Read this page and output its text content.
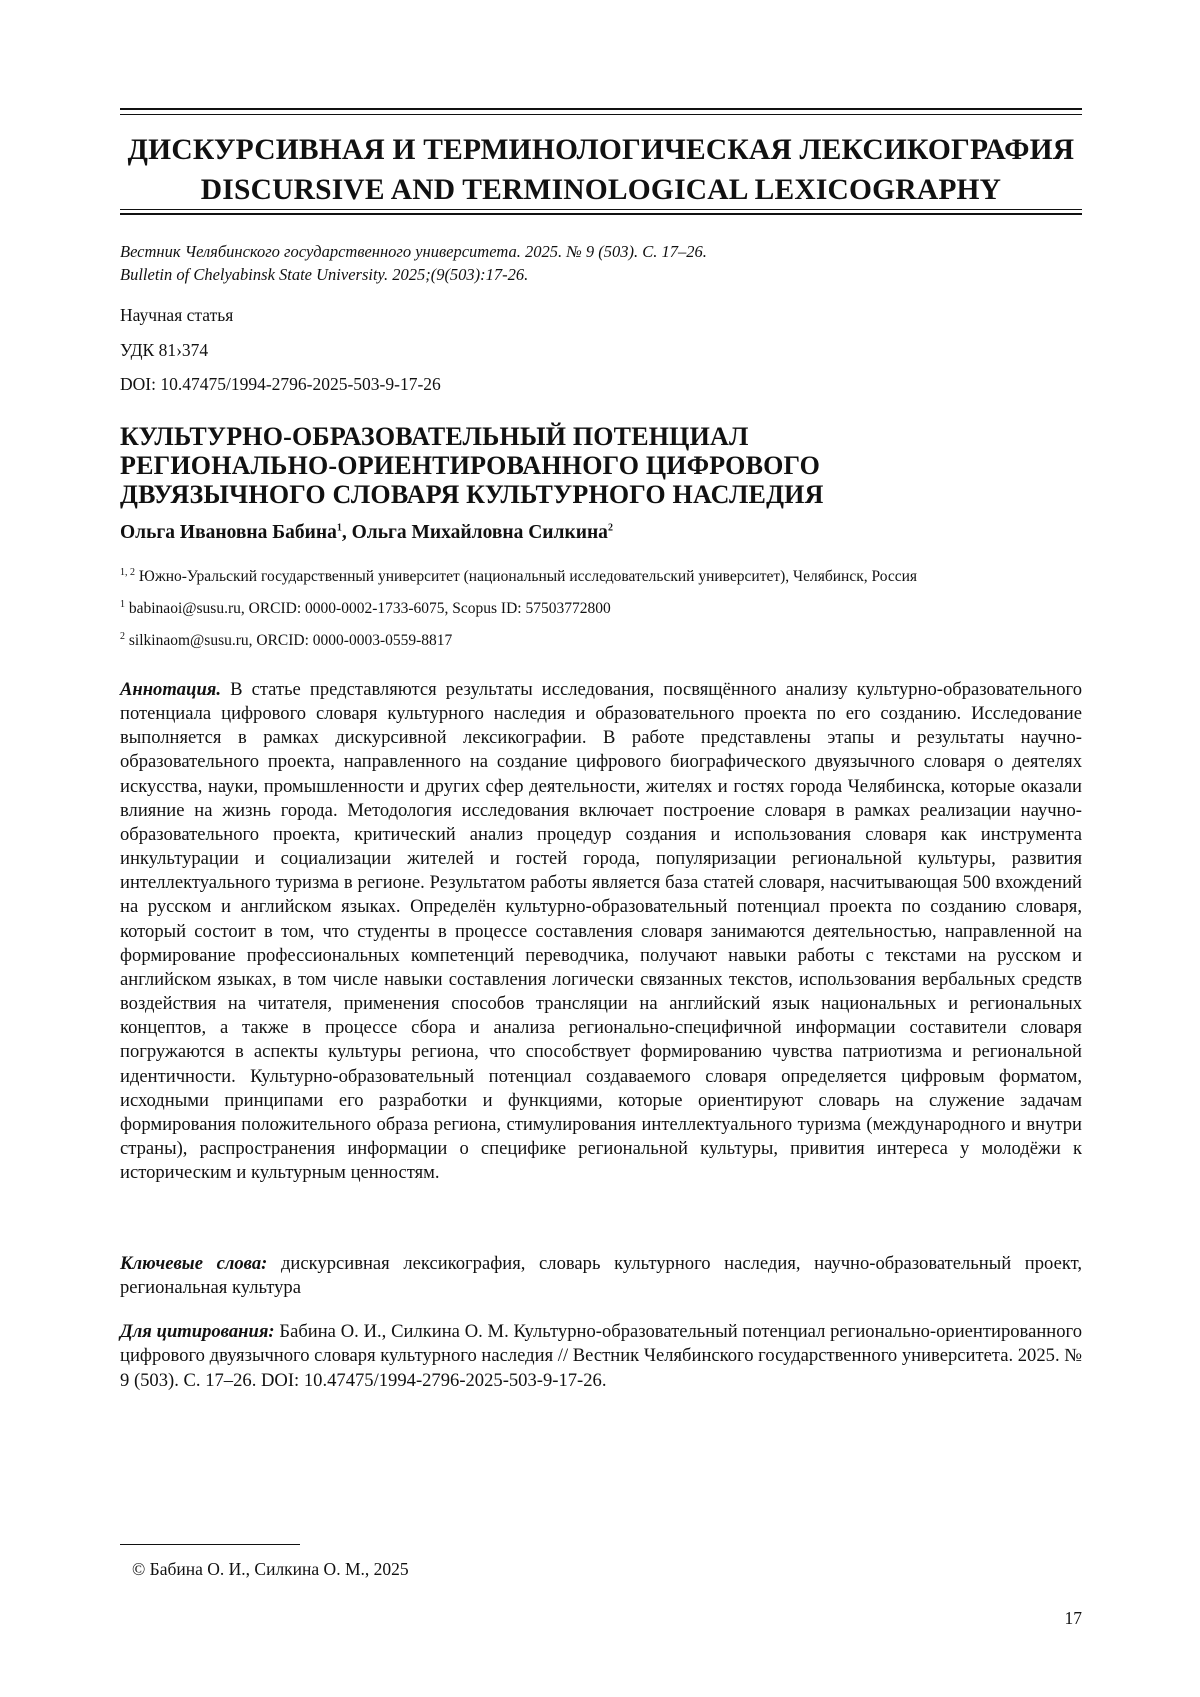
ДИСКУРСИВНАЯ И ТЕРМИНОЛОГИЧЕСКАЯ ЛЕКСИКОГРАФИЯ
DISCURSIVE AND TERMINOLOGICAL LEXICOGRAPHY
Вестник Челябинского государственного университета. 2025. № 9 (503). С. 17–26.
Bulletin of Chelyabinsk State University. 2025;(9(503):17-26.
Научная статья
УДК 81›374
DOI: 10.47475/1994-2796-2025-503-9-17-26
КУЛЬТУРНО-ОБРАЗОВАТЕЛЬНЫЙ ПОТЕНЦИАЛ
РЕГИОНАЛЬНО-ОРИЕНТИРОВАННОГО ЦИФРОВОГО
ДВУЯЗЫЧНОГО СЛОВАРЯ КУЛЬТУРНОГО НАСЛЕДИЯ
Ольга Ивановна Бабина$^1$, Ольга Михайловна Силкина$^2$
$^{1, 2}$ Южно-Уральский государственный университет (национальный исследовательский университет), Челябинск, Россия
$^1$ babinaoi@susu.ru, ORCID: 0000-0002-1733-6075, Scopus ID: 57503772800
$^2$ silkinaom@susu.ru, ORCID: 0000-0003-0559-8817
Аннотация. В статье представляются результаты исследования, посвящённого анализу культурно-образовательного потенциала цифрового словаря культурного наследия и образовательного проекта по его созданию. Исследование выполняется в рамках дискурсивной лексикографии. В работе представлены этапы и результаты научно-образовательного проекта, направленного на создание цифрового биографического двуязычного словаря о деятелях искусства, науки, промышленности и других сфер деятельности, жителях и гостях города Челябинска, которые оказали влияние на жизнь города. Методология исследования включает построение словаря в рамках реализации научно-образовательного проекта, критический анализ процедур создания и использования словаря как инструмента инкультурации и социализации жителей и гостей города, популяризации региональной культуры, развития интеллектуального туризма в регионе. Результатом работы является база статей словаря, насчитывающая 500 вхождений на русском и английском языках. Определён культурно-образовательный потенциал проекта по созданию словаря, который состоит в том, что студенты в процессе составления словаря занимаются деятельностью, направленной на формирование профессиональных компетенций переводчика, получают навыки работы с текстами на русском и английском языках, в том числе навыки составления логически связанных текстов, использования вербальных средств воздействия на читателя, применения способов трансляции на английский язык национальных и региональных концептов, а также в процессе сбора и анализа регионально-специфичной информации составители словаря погружаются в аспекты культуры региона, что способствует формированию чувства патриотизма и региональной идентичности. Культурно-образовательный потенциал создаваемого словаря определяется цифровым форматом, исходными принципами его разработки и функциями, которые ориентируют словарь на служение задачам формирования положительного образа региона, стимулирования интеллектуального туризма (международного и внутри страны), распространения информации о специфике региональной культуры, привития интереса у молодёжи к историческим и культурным ценностям.
Ключевые слова: дискурсивная лексикография, словарь культурного наследия, научно-образовательный проект, региональная культура
Для цитирования: Бабина О. И., Силкина О. М. Культурно-образовательный потенциал регионально-ориентированного цифрового двуязычного словаря культурного наследия // Вестник Челябинского государственного университета. 2025. № 9 (503). С. 17–26. DOI: 10.47475/1994-2796-2025-503-9-17-26.
© Бабина О. И., Силкина О. М., 2025
17
